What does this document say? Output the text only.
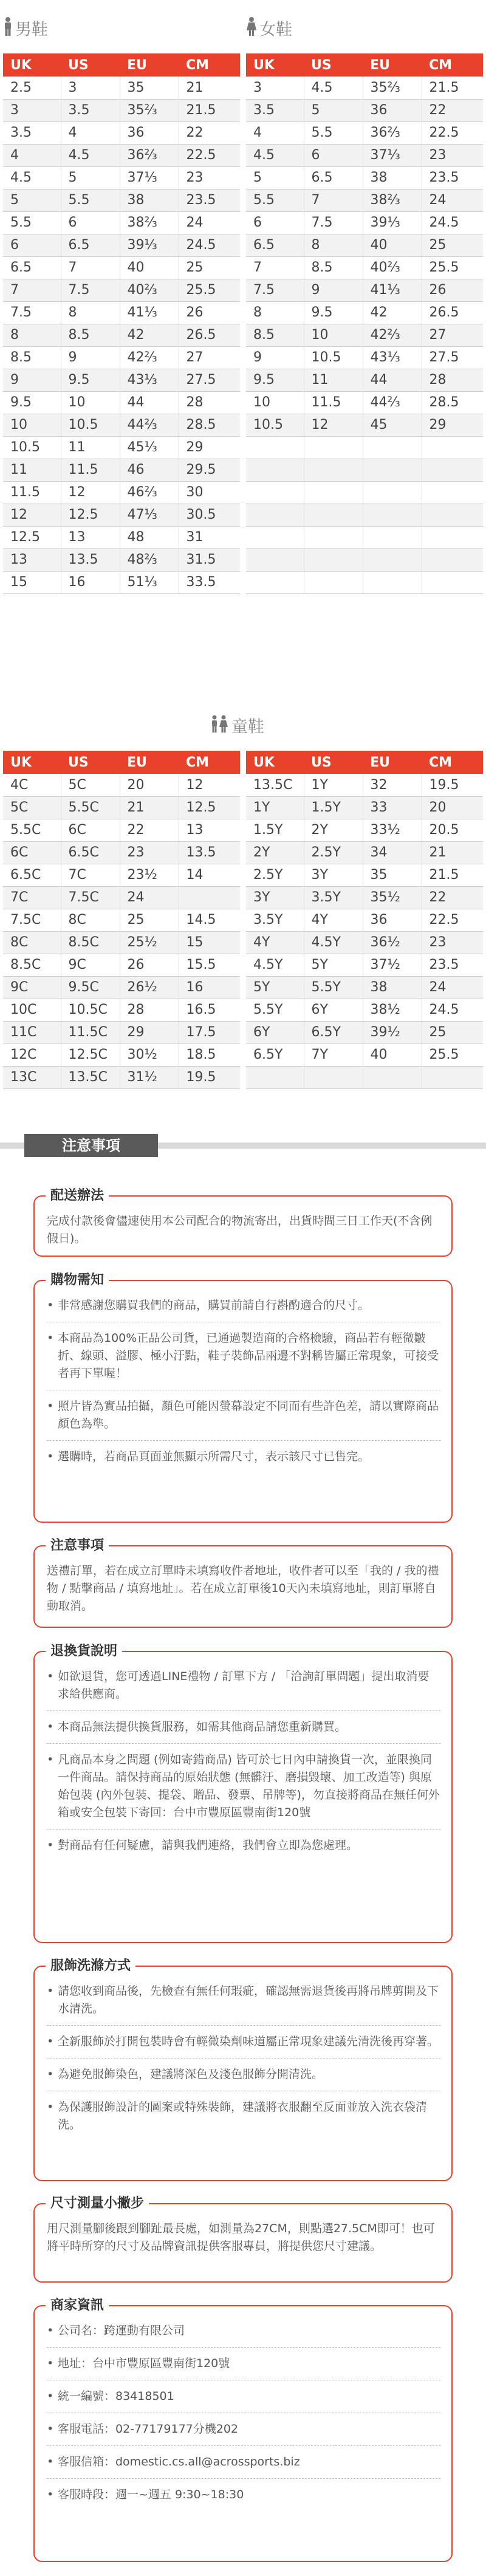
男鞋
UK	US	EU	CM
2.5	3	35	21
3	3.5	35⅔	21.5
3.5	4	36	22
4	4.5	36⅔	22.5
4.5	5	37⅓	23
5	5.5	38	23.5
5.5	6	38⅔	24
6	6.5	39⅓	24.5
6.5	7	40	25
7	7.5	40⅔	25.5
7.5	8	41⅓	26
8	8.5	42	26.5
8.5	9	42⅔	27
9	9.5	43⅓	27.5
9.5	10	44	28
10	10.5	44⅔	28.5
10.5	11	45⅓	29
11	11.5	46	29.5
11.5	12	46⅔	30
12	12.5	47⅓	30.5
12.5	13	48	31
13	13.5	48⅔	31.5
15	16	51⅓	33.5
女鞋
UK	US	EU	CM
3	4.5	35⅔	21.5
3.5	5	36	22
4	5.5	36⅔	22.5
4.5	6	37⅓	23
5	6.5	38	23.5
5.5	7	38⅔	24
6	7.5	39⅓	24.5
6.5	8	40	25
7	8.5	40⅔	25.5
7.5	9	41⅓	26
8	9.5	42	26.5
8.5	10	42⅔	27
9	10.5	43⅓	27.5
9.5	11	44	28
10	11.5	44⅔	28.5
10.5	12	45	29

童鞋
UK	US	EU	CM
4C	5C	20	12
5C	5.5C	21	12.5
5.5C	6C	22	13
6C	6.5C	23	13.5
6.5C	7C	23½	14
7C	7.5C	24	
7.5C	8C	25	14.5
8C	8.5C	25½	15
8.5C	9C	26	15.5
9C	9.5C	26½	16
10C	10.5C	28	16.5
11C	11.5C	29	17.5
12C	12.5C	30½	18.5
13C	13.5C	31½	19.5
UK	US	EU	CM
13.5C	1Y	32	19.5
1Y	1.5Y	33	20
1.5Y	2Y	33½	20.5
2Y	2.5Y	34	21
2.5Y	3Y	35	21.5
3Y	3.5Y	35½	22
3.5Y	4Y	36	22.5
4Y	4.5Y	36½	23
4.5Y	5Y	37½	23.5
5Y	5.5Y	38	24
5.5Y	6Y	38½	24.5
6Y	6.5Y	39½	25
6.5Y	7Y	40	25.5

注意事項
配送辦法
完成付款後會儘速使用本公司配合的物流寄出，出貨時間三日工作天(不含例假日)。
購物需知
• 非常感謝您購買我們的商品，購買前請自行斟酌適合的尺寸。
• 本商品為100%正品公司貨，已通過製造商的合格檢驗，商品若有輕微皺折、線頭、溢膠、極小汙點，鞋子裝飾品兩邊不對稱皆屬正常現象，可接受者再下單喔！
• 照片皆為實品拍攝，顏色可能因螢幕設定不同而有些許色差，請以實際商品顏色為準。
• 選購時，若商品頁面並無顯示所需尺寸，表示該尺寸已售完。
注意事項
送禮訂單，若在成立訂單時未填寫收件者地址，收件者可以至「我的 / 我的禮物 / 點擊商品 / 填寫地址」。若在成立訂單後10天內未填寫地址，則訂單將自動取消。
退換貨說明
• 如欲退貨，您可透過LINE禮物 / 訂單下方 / 「洽詢訂單問題」提出取消要求給供應商。
• 本商品無法提供換貨服務，如需其他商品請您重新購買。
• 凡商品本身之問題 (例如寄錯商品) 皆可於七日內申請換貨一次，並限換同一件商品。請保持商品的原始狀態 (無髒汙、磨損毀壞、加工改造等) 與原始包裝 (內外包裝、提袋、贈品、發票、吊牌等)，勿直接將商品在無任何外箱或安全包裝下寄回：台中市豐原區豐南街120號
• 對商品有任何疑慮，請與我們連絡，我們會立即為您處理。
服飾洗滌方式
• 請您收到商品後，先檢查有無任何瑕疵，確認無需退貨後再將吊牌剪開及下水清洗。
• 全新服飾於打開包裝時會有輕微染劑味道屬正常現象建議先清洗後再穿著。
• 為避免服飾染色，建議將深色及淺色服飾分開清洗。
• 為保護服飾設計的圖案或特殊裝飾，建議將衣服翻至反面並放入洗衣袋清洗。
尺寸測量小撇步
用尺測量腳後跟到腳趾最長處，如測量為27CM，則點選27.5CM即可！也可將平時所穿的尺寸及品牌資訊提供客服專員，將提供您尺寸建議。
商家資訊
• 公司名：跨運動有限公司
• 地址：台中市豐原區豐南街120號
• 統一編號：83418501
• 客服電話：02-77179177分機202
• 客服信箱：domestic.cs.all@acrossports.biz
• 客服時段：週一~週五 9:30~18:30
